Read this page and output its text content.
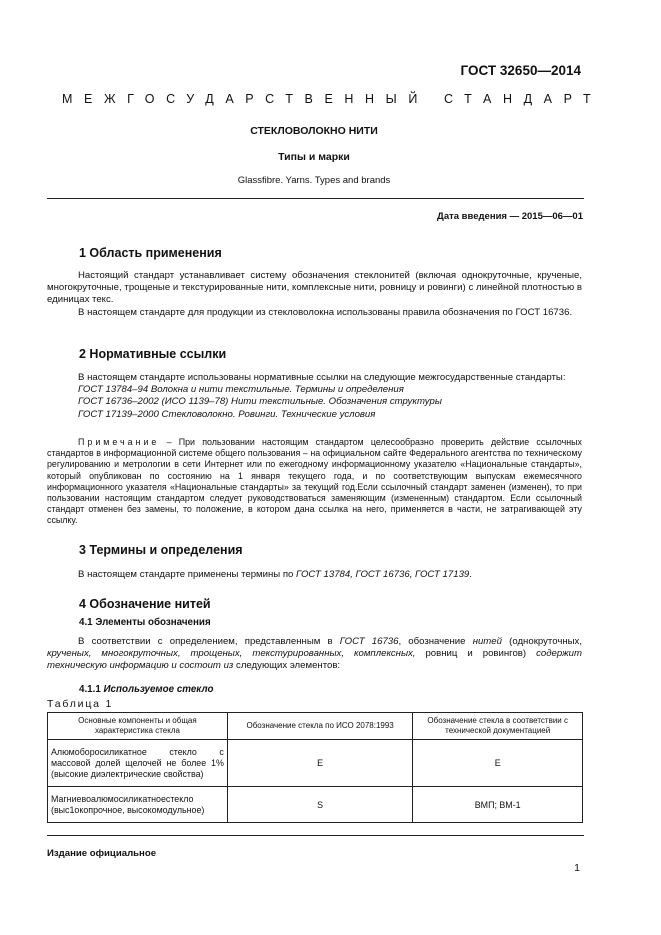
ГОСТ 32650—2014
МЕЖГОСУДАРСТВЕННЫЙ СТАНДАРТ
СТЕКЛОВОЛОКНО НИТИ
Типы и марки
Glassfibre. Yarns. Types and brands
Дата введения — 2015—06—01
1 Область применения

Настоящий стандарт устанавливает систему обозначения стеклонитей (включая однокруточные, крученые, многокруточные, трощеные и текстурированные нити, комплексные нити, ровницу и ровинги) с линейной плотностью в единицах текс.

В настоящем стандарте для продукции из стекловолокна использованы правила обозначения по ГОСТ 16736.

2 Нормативные ссылки

В настоящем стандарте использованы нормативные ссылки на следующие межгосударственные стандарты:

ГОСТ 13784–94 Волокна и нити текстильные. Термины и определения

ГОСТ 16736–2002 (ИСО 1139–78) Нити текстильные. Обозначения структуры

ГОСТ 17139–2000 Стекловолокно. Ровинги. Технические условия

Примечание – При пользовании настоящим стандартом целесообразно проверить действие ссылочных стандартов в информационной системе общего пользования – на официальном сайте Федерального агентства по техническому регулированию и метрологии в сети Интернет или по ежегодному информационному указателю «Национальные стандарты», который опубликован по состоянию на 1 января текущего года, и по соответствующим выпускам ежемесячного информационного указателя «Национальные стандарты» за текущий год.Если ссылочный стандарт заменен (изменен), то при пользовании настоящим стандартом следует руководствоваться заменяющим (измененным) стандартом. Если ссылочный стандарт отменен без замены, то положение, в котором дана ссылка на него, применяется в части, не затрагивающей эту ссылку.
3 Термины и определения

В настоящем стандарте применены термины по ГОСТ 13784, ГОСТ 16736, ГОСТ 17139.

4 Обозначение нитей
4.1 Элементы обозначения

В соответствии с определением, представленным в ГОСТ 16736, обозначение нитей (однокруточных, крученых, многокруточных, трощеных, текстурированных, комплексных, ровниц и ровингов) содержит техническую информацию и состоит из следующих элементов:

4.1.1 Используемое стекло
Таблица 1
Основные компоненты и общая характеристика стекла	Обозначение стекла по ИСО 2078:1993	Обозначение стекла в соответствии с технической документацией
Алюмоборосиликатное стекло с массовой долей щелочей не более 1% (высокие диэлектрические свойства)	E	E
Магниевоалюмосиликатноестекло (выс1окопрочное, высокомодульное)	S	ВМП; ВМ-1
Издание официальное
1
